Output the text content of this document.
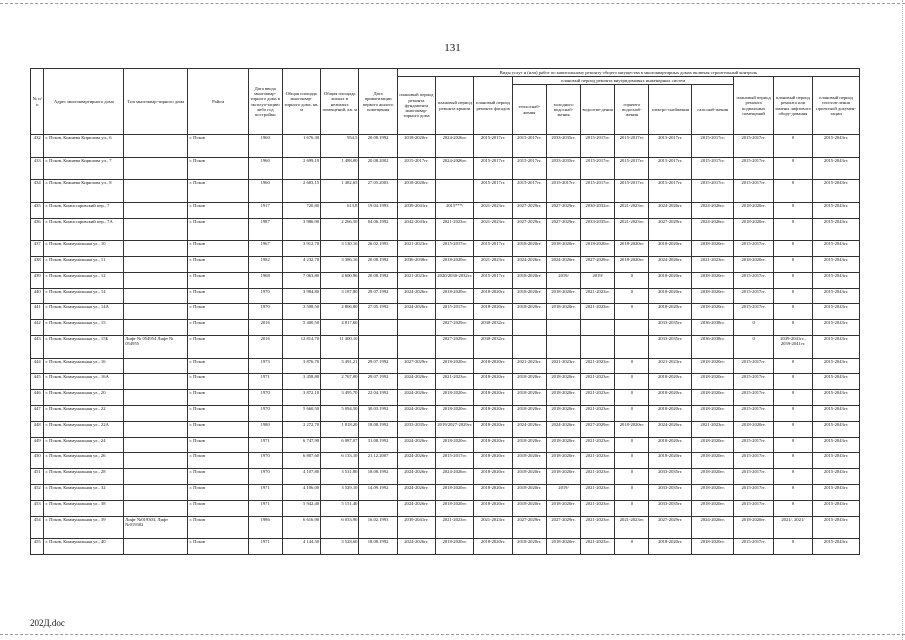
131
№ п/п	Адрес многоквартирного дома	Тип многоквар-тирного дома	Район	Дата ввода многоквар-тирного дома в эксплуа-тацию либо год постройки	Общая площадь многоквар-тирного дома, кв. м	Общая площадь жилых и нежилых помещений, кв. м	Дата приватизации первого жилого помещения	Виды услуг и (или) работ по капитальному ремонту общего имущества в многоквартирных домах включая строительный контроль											
								плановый период ремонта фундамента многоквар-тирного дома	плановый период ремонта крыши	плановый период ремонта фасадов	плановый период ремонта внутридомовых инженерных систем						плановый период ремонта подвальных помещений	плановый период ремонта или замены лифтового обору-дования	плановый период изготов-ления проектной докумен-тации
											теплоснаб-жения	холодного водоснаб-жения	водоотве-дения	горячего водоснаб-жения	электро-снабжения	газоснаб-жения			
432	г. Псков, Кожнева Кирилова ул., 6		г. Псков	1960	1 676,30	954,5	20.08.1992	2018-2020гг.	2024-2026гг.	2015-2017гг.	2015-2017гг.	2033-2035гг.	2015-2017гг.	2015-2017гг.	2015-2017гг.	2015-2017гг.	2015-2017гг.	0	2015-2043гг.
433	г. Псков, Кожнева Кирилова ул., 7		г. Псков	1960	2 699,10	1 488,00	20.08.2002	2015-2017гг.	2024-2026гг.	2015-2017гг.	2015-2017гг.	2033-2035гг.	2015-2017гг.	2015-2017гг.	2015-2017гг.	2015-2017гг.	2015-2017гг.	0	2015-2043гг.
434	г. Псков, Кожнева Кирилова ул., 8		г. Псков	1960	2 683,15	1 482,65	27.05.2003	2018-2020гг.		2015-2017гг.	2015-2017гг.	2015-2017гг.	2015-2017гг.	2015-2017гг.	2015-2017гг.	2015-2017гг.	2015-2017гг.	0	2015-2043гг.
435	г. Псков, Комиссаровский пер., 7		г. Псков	1917	720,80	613,8	19.04.1993	2039-2041гг.	2015***/	2021-2023гг.	2027-2029гг.	2027-2029гг.	2030-2032гг.	2021-2023гг.	2024-2026гг.	2024-2026гг.	2018-2020гг.	0	2015-2043гг.
436	г. Псков, Комиссаровский пер., 7А		г. Псков	1987	3 986,90	2 266,50	04.06.1992	2042-2043гг.	2021-2023гг.	2021-2023гг.	2027-2029гг.	2027-2029гг.	2033-2035гг.	2021-2023гг.	2027-2029гг.	2024-2026гг.	2018-2020гг.	0	2015-2043гг.
437	г. Псков, Коммунальная ул., 10		г. Псков	1967	3 912,70	3 130,16	26.02.1993	2021-2023гг.	2015-2017гг.	2015-2017гг.	2018-2020гг.	2018-2020гг.	2018-2020гг.	2018-2020гг.	2018-2020гг.	2018-2020гг.	2015-2017гг.	0	2015-2043гг.
438	г. Псков, Коммунальная ул., 11		г. Псков	1982	4 232,70	3 386,16	20.08.1992	2036-2038гг.	2018-2020гг.	2021-2023гг.	2024-2026гг.	2024-2026гг.	2027-2029гг.	2018-2020гг.	2024-2026гг.	2021-2023гг.	2018-2020гг.	0	2015-2043гг.
439	г. Псков, Коммунальная ул., 12		г. Псков	1968	7 063,80	4 600,96	20.08.1992	2021-2023гг.	2020/2030-2032гг.	2015-2017гг.	2018-2020гг.	2019/	2019/	0	2018-2020гг.	2018-2020гг.	2015-2017гг.	0	2015-2043гг.
440	г. Псков, Коммунальная ул., 14		г. Псков	1970	3 984,80	3 187,80	29.07.1992	2024-2026гг.	2018-2020гг.	2018-2020гг.	2018-2020гг.	2018-2020гг.	2021-2023гг.	0	2018-2020гг.	2018-2020гг.	2015-2017гг.	0	2015-2043гг.
441	г. Псков, Коммунальная ул., 14А		г. Псков	1970	3 508,50	2 806,80	27.05.1992	2024-2026гг.	2015-2017гг.	2018-2020гг.	2018-2020гг.	2018-2020гг.	2021-2023гг.	0	2018-2020гг.	2018-2020гг.	2015-2017гг.	0	2015-2043гг.
442	г. Псков, Коммунальная ул., 15		г. Псков	2016	5 400,50	4 817,60			2027-2029гг.	2030-2032гг.					2033-2035гг.	2036-2038гг.	0	0	2015-2043гг.
443	г. Псков, Коммунальная ул., 15Б	Лифт № 054954 Лифт № 054955	г. Псков	2016	12 814,70	11 400,10			2027-2029гг.	2030-2032гг.					2033-2035гг.	2036-2038гг.	0	2039-2041гг., 2039-2041гг.	2015-2043гг.
444	г. Псков, Коммунальная ул., 16		г. Псков	1973	3 876,70	3 491,21	29.07.1992	2027-2029гг.	2018-2020гг.	2018-2020гг.	2021-2023гг.	2021-2023гг.	2021-2023гг.	0	2021-2023гг.	2018-2020гг.	2015-2017гг.	0	2015-2043гг.
445	г. Псков, Коммунальная ул., 16А		г. Псков	1971	3 458,80	2 767,00	29.07.1992	2024-2026гг.	2021-2023гг.	2018-2020гг.	2018-2020гг.	2018-2020гг.	2021-2023гг.	0	2018-2020гг.	2018-2020гг.	2015-2017гг.	0	2015-2043гг.
446	г. Псков, Коммунальная ул., 20		г. Псков	1970	3 872,10	3 495,70	22.04.1992	2024-2026гг.	2018-2020гг.	2018-2020гг.	2018-2020гг.	2018-2020гг.	2021-2023гг.	0	2018-2020гг.	2018-2020гг.	2015-2017гг.	0	2015-2043гг.
447	г. Псков, Коммунальная ул., 22		г. Псков	1970	5 660,50	5 094,50	30.03.1992	2024-2026гг.	2018-2020гг.	2018-2020гг.	2018-2020гг.	2018-2020гг.	2021-2023гг.	0	2018-2020гг.	2018-2020гг.	2015-2017гг.	0	2015-2043гг.
448	г. Псков, Коммунальная ул., 22А		г. Псков	1980	2 272,70	1 818,20	18.08.1992	2033-2035гг.	2019/2027-2029гг.	2018-2020гг.	2024-2026гг.	2024-2026гг.	2027-2029гг.	2018-2020гг.	2024-2026гг.	2021-2023гг.	2018-2020гг.	0	2015-2043гг.
449	г. Псков, Коммунальная ул., 24		г. Псков	1971	6 747,90	6 087,07	31.08.1992	2024-2026гг.	2018-2020гг.	2018-2020гг.	2018-2020гг.	2018-2020гг.	2021-2023гг.	0	2018-2020гг.	2018-2020гг.	2015-2017гг.	0	2015-2043гг.
450	г. Псков, Коммунальная ул., 26		г. Псков	1970	6 807,60	6 133,10	21.12.2007	2024-2026гг.	2015-2017гг.	2018-2020гг.	2018-2020гг.	2018-2020гг.	2021-2023гг.	0	2018-2020гг.	2018-2020гг.	2015-2017гг.	0	2015-2043гг.
451	г. Псков, Коммунальная ул., 28		г. Псков	1970	4 107,80	3 531,80	18.08.1992	2024-2026гг.	2024-2026гг.	2018-2020гг.	2018-2020гг.	2018-2020гг.	2021-2023гг.	0	2033-2035гг.	2018-2020гг.	2015-2017гг.	0	2015-2043гг.
452	г. Псков, Коммунальная ул., 32		г. Псков	1971	4 106,00	3 529,10	14.09.1992	2024-2026гг.	2018-2020гг.	2018-2020гг.	2018-2020гг.	2019/	2021-2023гг.	0	2033-2035гг.	2018-2020гг.	2015-2017гг.	0	2015-2043гг.
453	г. Псков, Коммунальная ул., 38		г. Псков	1971	5 942,40	5 151,40		2024-2026гг.	2018-2020гг.	2018-2020гг.	2018-2020гг.	2018-2020гг.	2021-2023гг.	0	2033-2035гг.	2018-2020гг.	2015-2017гг.	0	2015-2043гг.
454	г. Псков, Коммунальная ул., 39	Лифт №019303, Лифт №019302	г. Псков	1986	6 616,90	6 033,90	16.02.1993	2039-2041гг.	2021-2023гг.	2021-2023гг.	2027-2029гг.	2027-2029гг.	2021-2023гг.	2021-2023гг.	2027-2029гг.	2024-2026гг.	2018-2020гг.	2021/, 2021/	2015-2043гг.
455	г. Псков, Коммунальная ул., 40		г. Псков	1971	4 144,50	3 528,60	18.08.1992	2024-2026гг.	2018-2020гг.	2018-2020гг.	2018-2020гг.	2018-2020гг.	2021-2023гг.	0	2018-2020гг.	2018-2020гг.	2015-2017гг.	0	2015-2043гг.
202Д.doc
